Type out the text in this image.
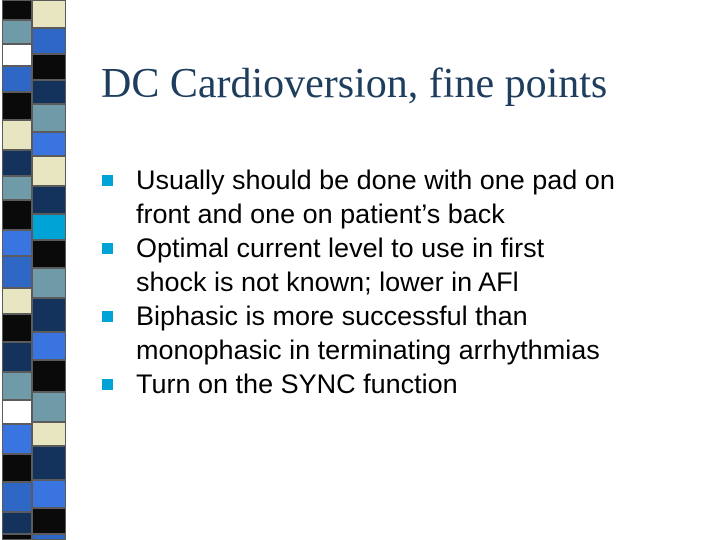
DC Cardioversion, fine points
Usually should be done with one pad on
front and one on patient’s back
Optimal current level to use in first
shock is not known; lower in AFl
Biphasic is more successful than
monophasic in terminating arrhythmias
Turn on the SYNC function
